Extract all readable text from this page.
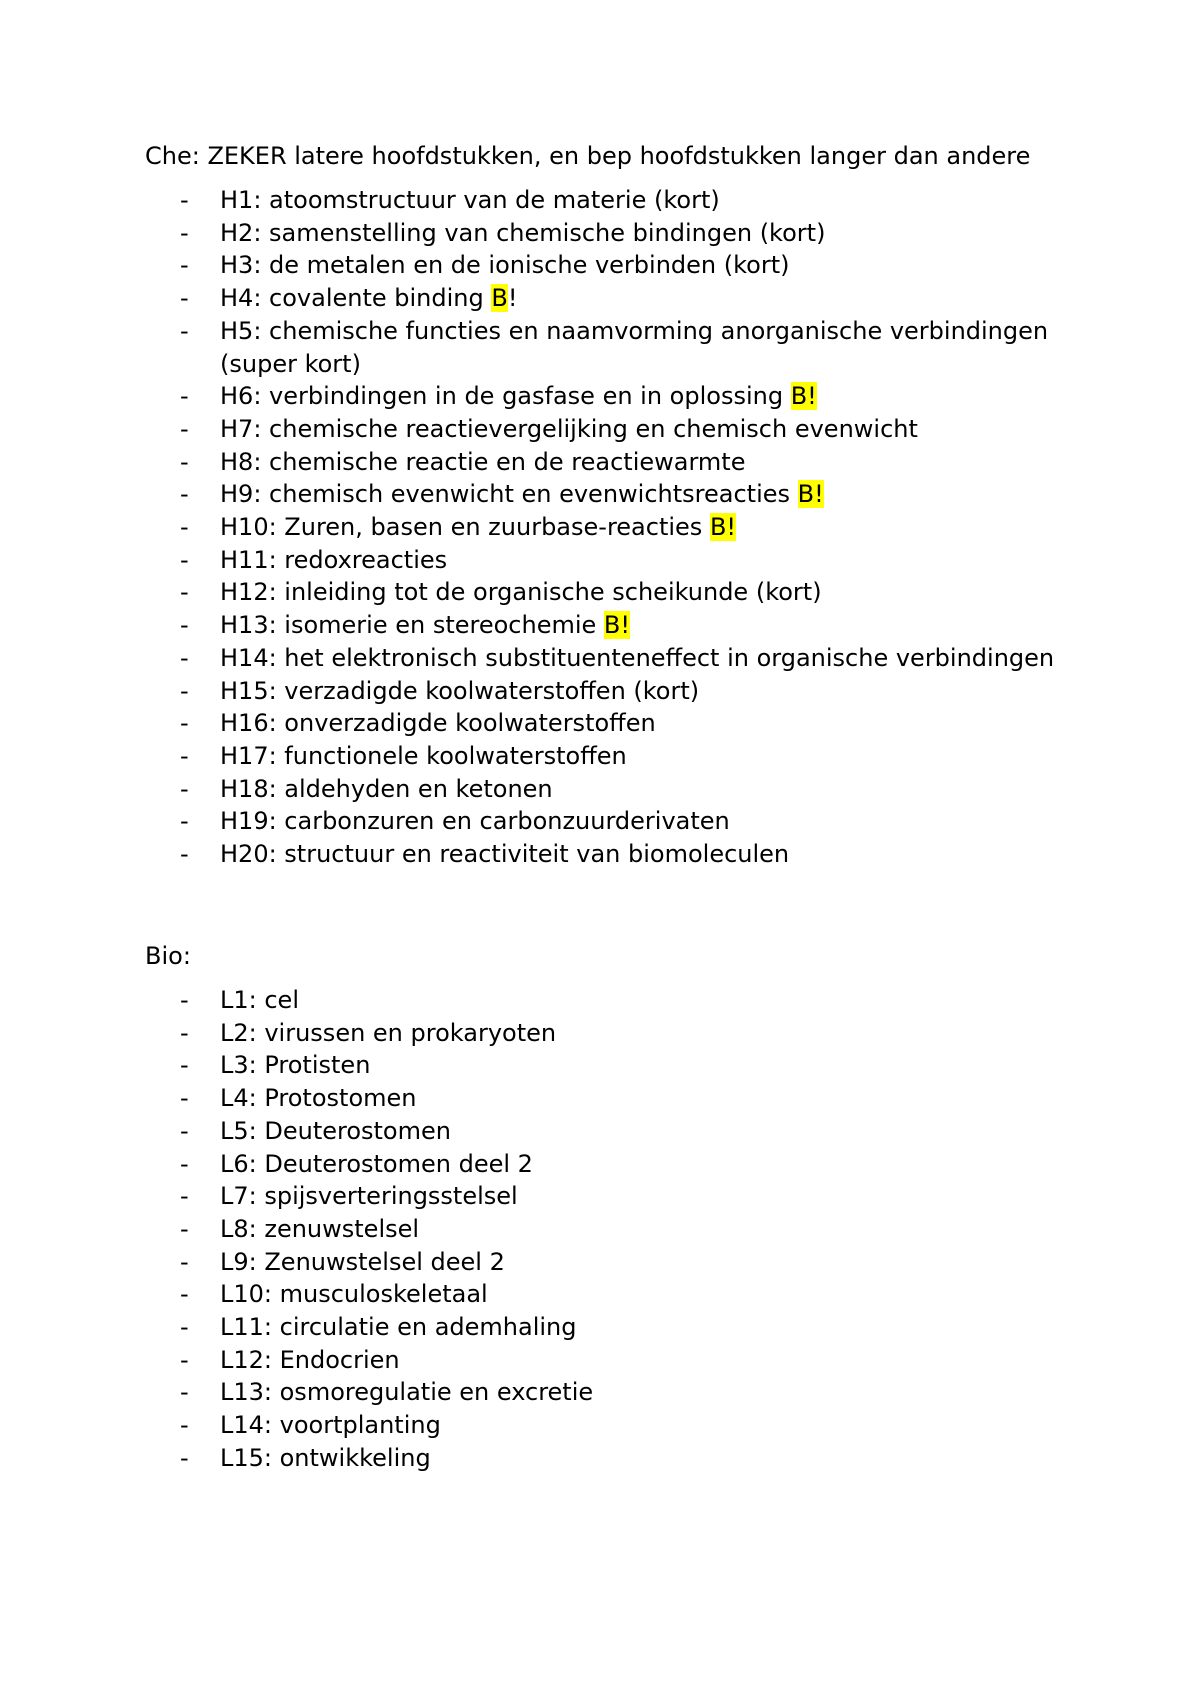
Che: ZEKER latere hoofdstukken, en bep hoofdstukken langer dan andere

-	H1: atoomstructuur van de materie (kort)
-	H2: samenstelling van chemische bindingen (kort)
-	H3: de metalen en de ionische verbinden (kort)
-	H4: covalente binding B!
-	H5: chemische functies en naamvorming anorganische verbindingen (super kort)
-	H6: verbindingen in de gasfase en in oplossing B!
-	H7: chemische reactievergelijking en chemisch evenwicht
-	H8: chemische reactie en de reactiewarmte
-	H9: chemisch evenwicht en evenwichtsreacties B!
-	H10: Zuren, basen en zuurbase-reacties B!
-	H11: redoxreacties
-	H12: inleiding tot de organische scheikunde (kort)
-	H13: isomerie en stereochemie B!
-	H14: het elektronisch substituenteneffect in organische verbindingen
-	H15: verzadigde koolwaterstoffen (kort)
-	H16: onverzadigde koolwaterstoffen
-	H17: functionele koolwaterstoffen
-	H18: aldehyden en ketonen
-	H19: carbonzuren en carbonzuurderivaten
-	H20: structuur en reactiviteit van biomoleculen

Bio:

-	L1: cel
-	L2: virussen en prokaryoten
-	L3: Protisten
-	L4: Protostomen
-	L5: Deuterostomen
-	L6: Deuterostomen deel 2
-	L7: spijsverteringsstelsel
-	L8: zenuwstelsel
-	L9: Zenuwstelsel deel 2
-	L10: musculoskeletaal
-	L11: circulatie en ademhaling
-	L12: Endocrien
-	L13: osmoregulatie en excretie
-	L14: voortplanting
-	L15: ontwikkeling
